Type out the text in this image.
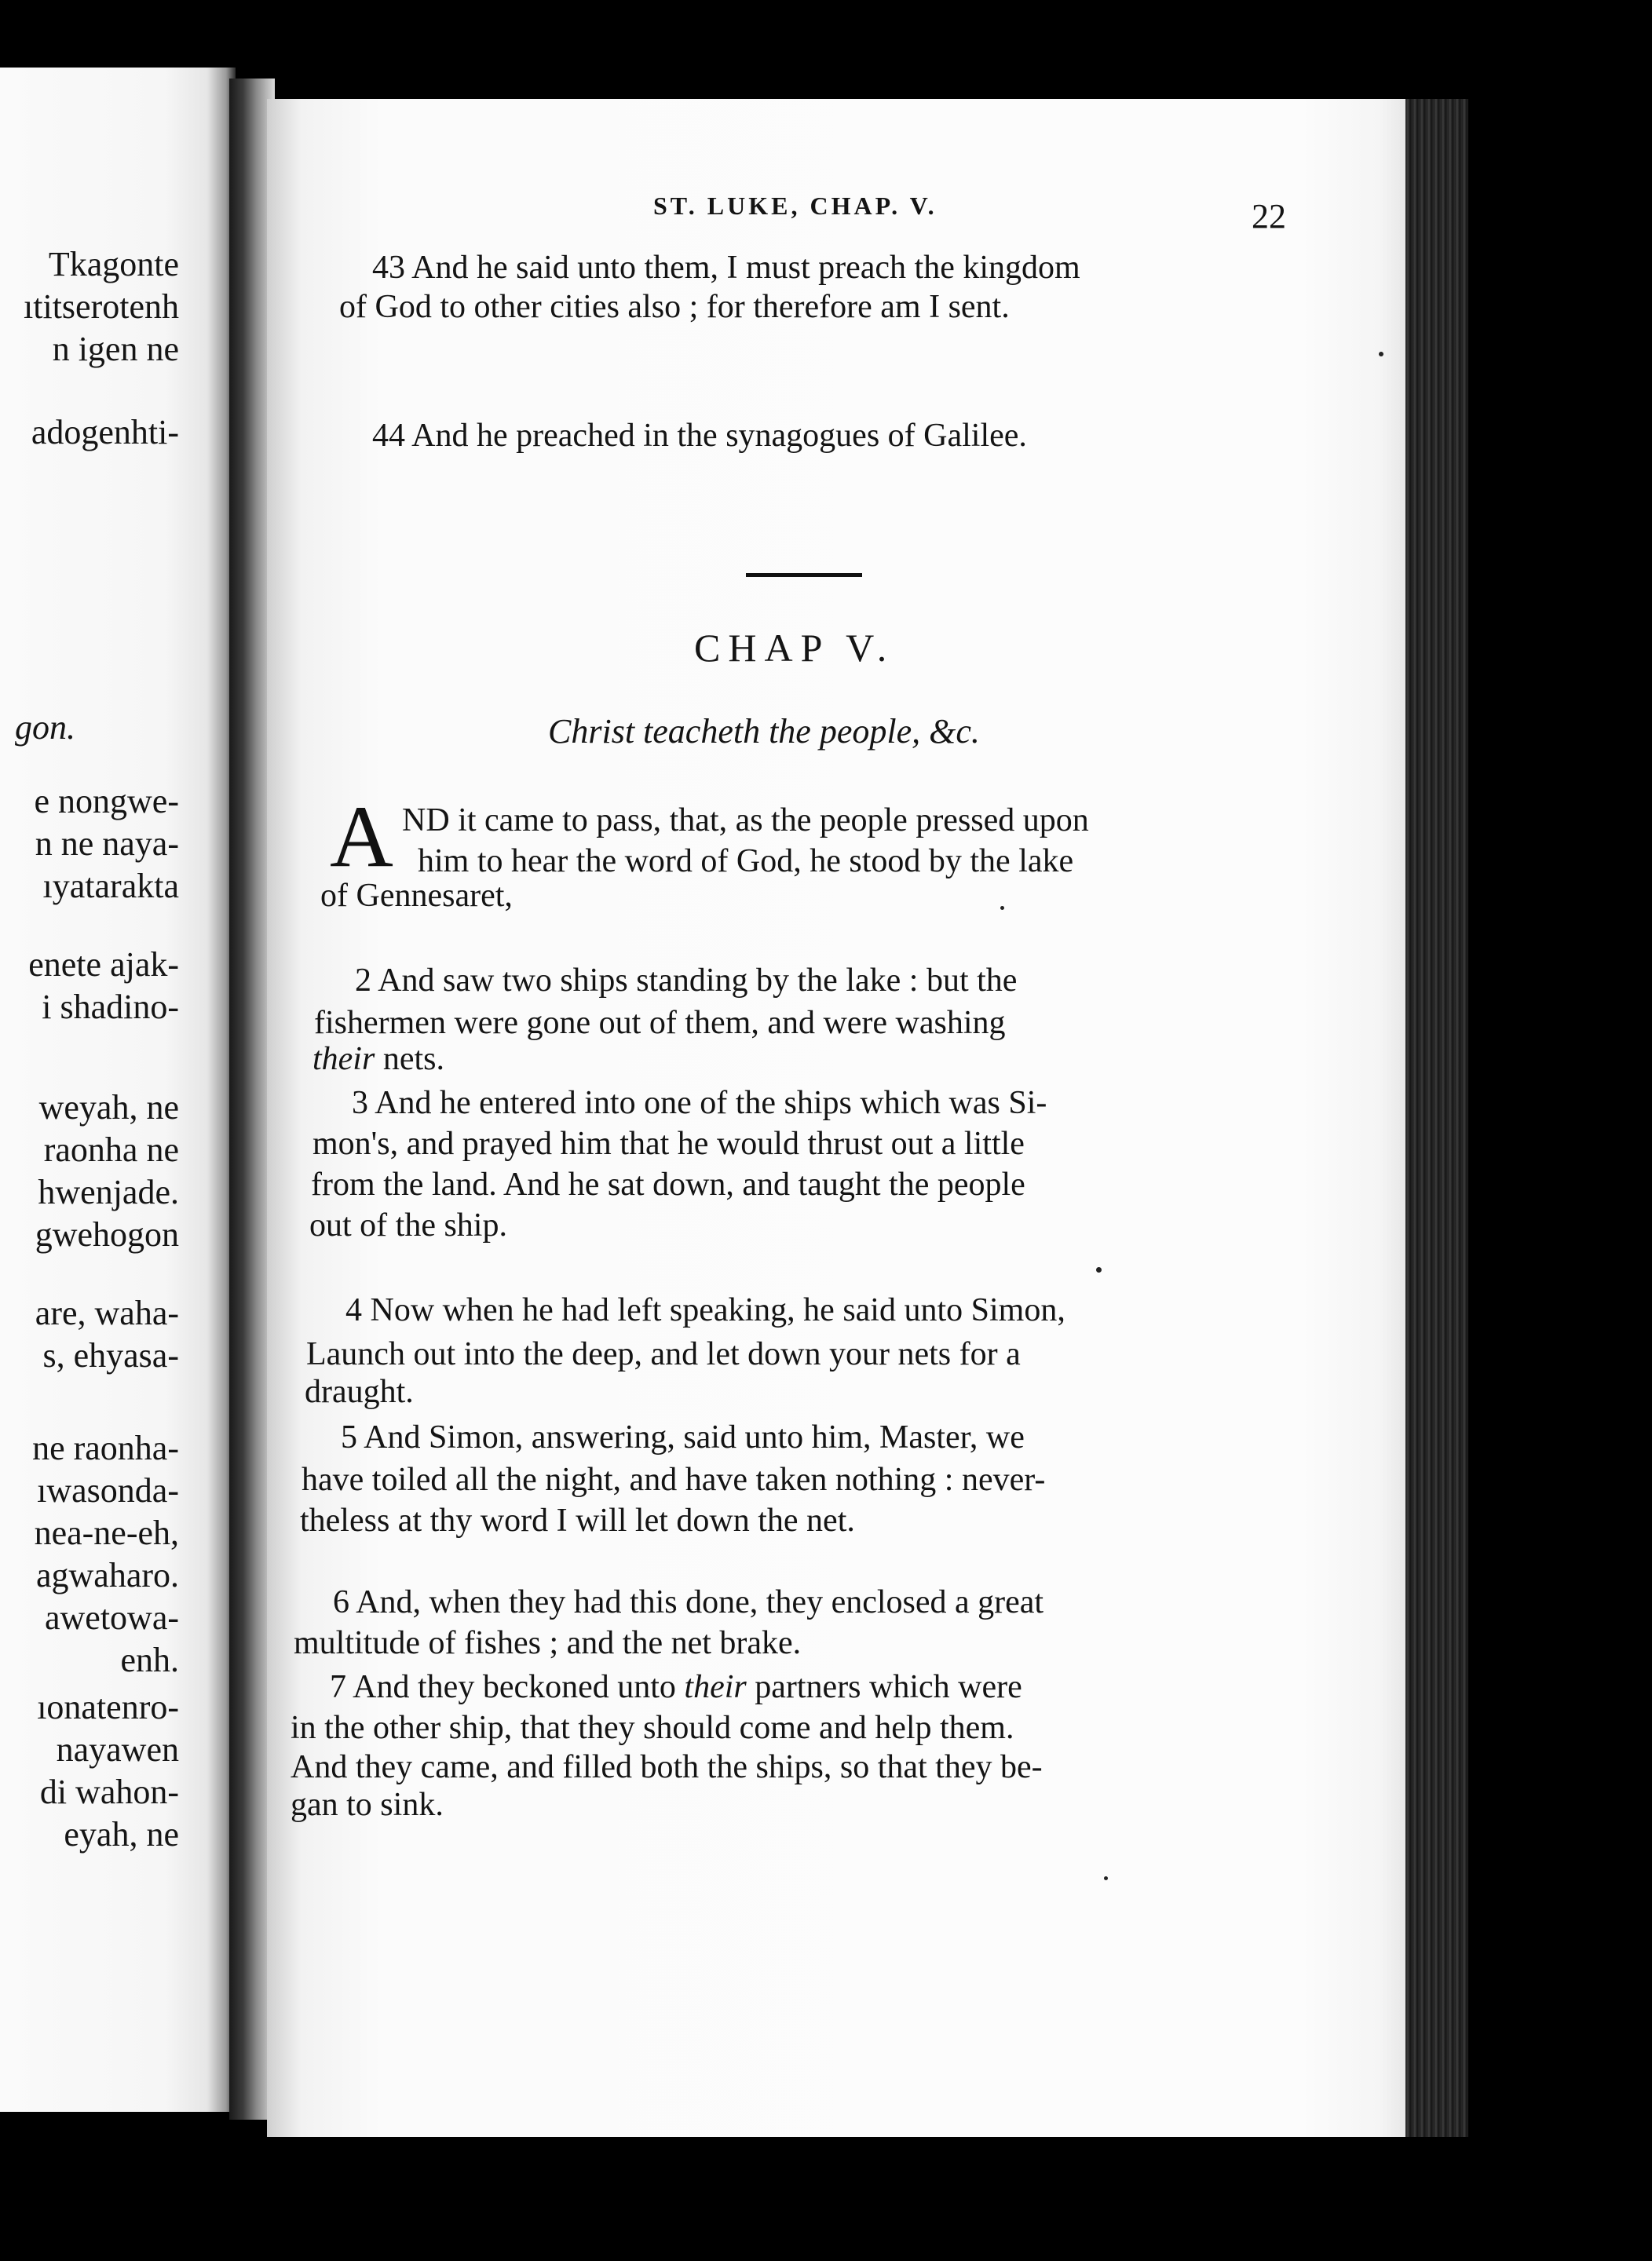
Tkagonte
ıtitserotenh
n igen ne
adogenhti-
gon.
e nongwe-
n ne naya-
ıyatarakta
enete ajak-
i shadino-
weyah, ne
raonha ne
hwenjade.
gwehogon
are, waha-
s, ehyasa-
ne raonha-
ıwasonda-
nea-ne-eh,
agwaharo.
awetowa-
enh.
ıonatenro-
nayawen
di wahon-
eyah, ne
ST. LUKE, CHAP. V.	22
43 And he said unto them, I must preach the kingdom
of God to other cities also ; for therefore am I sent.
44 And he preached in the synagogues of Galilee.
CHAP V.
Christ teacheth the people, &c.
A ND it came to pass, that, as the people pressed upon
him to hear the word of God, he stood by the lake
of Gennesaret,
2 And saw two ships standing by the lake : but the
fishermen were gone out of them, and were washing
their nets.
3 And he entered into one of the ships which was Si-
mon's, and prayed him that he would thrust out a little
from the land. And he sat down, and taught the people
out of the ship.
4 Now when he had left speaking, he said unto Simon,
Launch out into the deep, and let down your nets for a
draught.
5 And Simon, answering, said unto him, Master, we
have toiled all the night, and have taken nothing : never-
theless at thy word I will let down the net.
6 And, when they had this done, they enclosed a great
multitude of fishes ; and the net brake.
7 And they beckoned unto their partners which were
in the other ship, that they should come and help them.
And they came, and filled both the ships, so that they be-
gan to sink.
